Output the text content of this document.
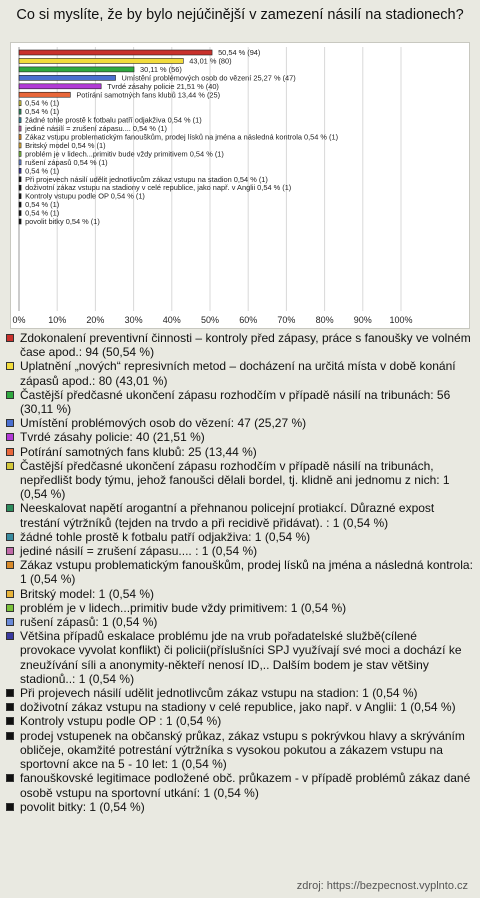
Co si myslíte, že by bylo nejúčinější v zamezení násilí na stadionech?
0%	10% 20% 30% 40% 50% 60% 70% 80% 90% 100%
50,54 % (94)
43,01 % (80)
30,11 % (56)
Umístění problémových osob do vězení 25,27 % (47)
Tvrdé zásahy policie 21,51 % (40)
Potírání samotných fans klubů 13,44 % (25)
0,54 % (1)
0,54 % (1)
žádné tohle prostě k fotbalu patří odjakživa 0,54 % (1)
jediné násilí = zrušení zápasu.... 0,54 % (1)
Zákaz vstupu problematickým fanouškům, prodej lísků na jména a následná kontrola 0,54 % (1)
Britský model 0,54 % (1)
problém je v lidech...primitiv bude vždy primitivem 0,54 % (1)
rušení zápasů 0,54 % (1)
0,54 % (1)
Při projevech násilí udělit jednotlivcům zákaz vstupu na stadion 0,54 % (1)
doživotní zákaz vstupu na stadiony v celé republice, jako např. v Anglii 0,54 % (1)
Kontroly vstupu podle OP 0,54 % (1)
0,54 % (1)
0,54 % (1)
povolit bitky 0,54 % (1)
Zdokonalení preventivní činnosti – kontroly před zápasy, práce s fanoušky ve volném čase apod.: 94 (50,54 %)
Uplatnění „nových“ represivních metod – docházení na určitá místa v době konání zápasů apod.: 80 (43,01 %)
Častější předčasné ukončení zápasu rozhodčím v případě násilí na tribunách: 56 (30,11 %)
Umístění problémových osob do vězení: 47 (25,27 %)
Tvrdé zásahy policie: 40 (21,51 %)
Potírání samotných fans klubů: 25 (13,44 %)
Častější předčasné ukončení zápasu rozhodčím v případě násilí na tribunách, nepředlišt body týmu, jehož fanoušci dělali bordel, tj. klidně ani jednomu z nich: 1 (0,54 %)
Neeskalovat napětí arogantní a přehnanou policejní protiakcí. Důrazné expost trestání výtržníků (tejden na trvdo a při recidivě přidávat). : 1 (0,54 %)
žádné tohle prostě k fotbalu patří odjakživa: 1 (0,54 %)
jediné násilí = zrušení zápasu.... : 1 (0,54 %)
Zákaz vstupu problematickým fanouškům, prodej lísků na jména a následná kontrola: 1 (0,54 %)
Britský model: 1 (0,54 %)
problém je v lidech...primitiv bude vždy primitivem: 1 (0,54 %)
rušení zápasů: 1 (0,54 %)
Většina případů eskalace problému jde na vrub pořadatelské službě(cílené provokace vyvolat konflikt) či policii(příslušníci SPJ využívají své moci a dochází ke zneužívání síli a anonymity-někteří nenosí ID,.. Dalším bodem je stav většiny stadionů..: 1 (0,54 %)
Při projevech násilí udělit jednotlivcům zákaz vstupu na stadion: 1 (0,54 %)
doživotní zákaz vstupu na stadiony v celé republice, jako např. v Anglii: 1 (0,54 %)
Kontroly vstupu podle OP : 1 (0,54 %)
prodej vstupenek na občanský průkaz, zákaz vstupu s pokrývkou hlavy a skrýváním obličeje, okamžité potrestání výtržníka s vysokou pokutou a zákazem vstupu na sportovní akce na 5 - 10 let: 1 (0,54 %)
fanouškovské legitimace podložené obč. průkazem - v případě problémů zákaz dané osobě vstupu na sportovní utkání: 1 (0,54 %)
povolit bitky: 1 (0,54 %)
zdroj: https://bezpecnost.vyplnto.cz
